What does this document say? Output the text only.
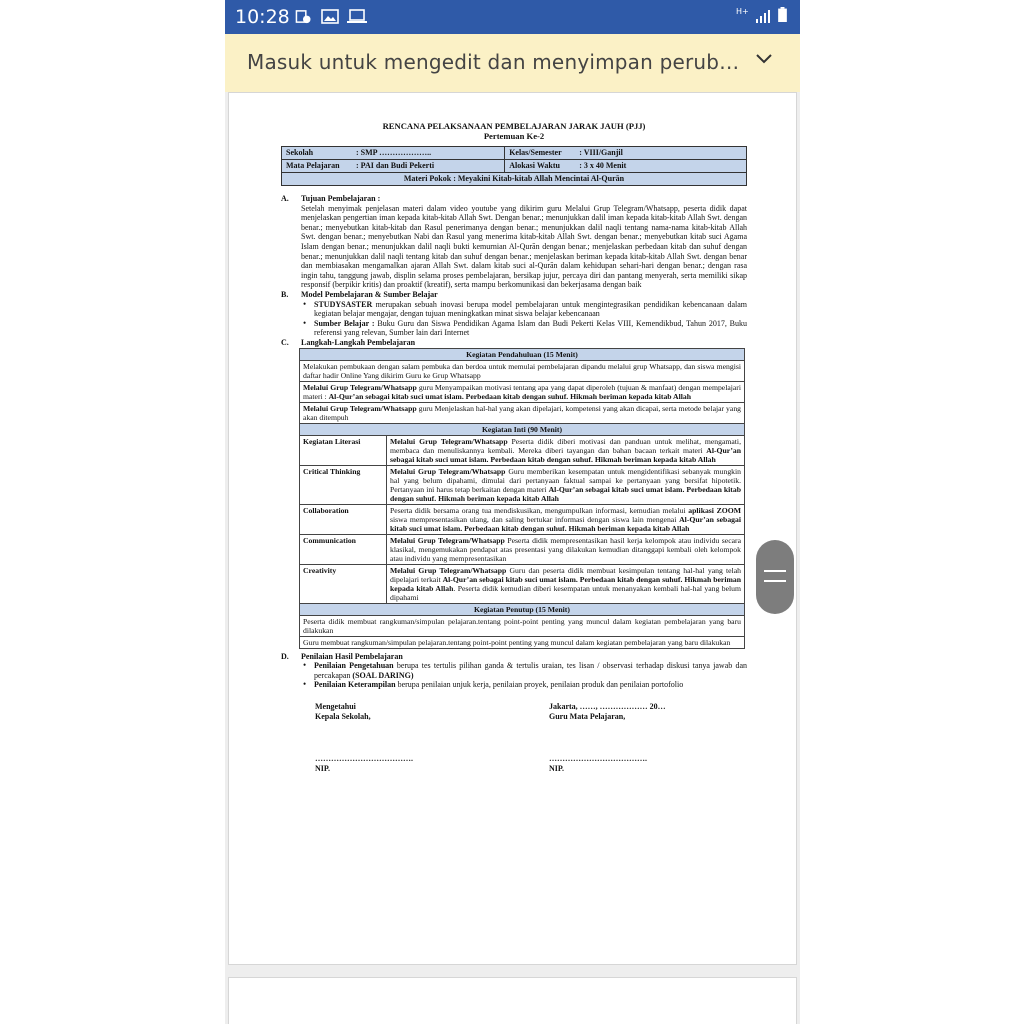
10:28	H+
Masuk untuk mengedit dan menyimpan perub…
RENCANA PELAKSANAAN PEMBELAJARAN JARAK JAUH (PJJ)
Pertemuan Ke-2
Sekolah : SMP ………………..	Kelas/Semester : VIII/Ganjil
Mata Pelajaran : PAI dan Budi Pekerti	Alokasi Waktu : 3 x 40 Menit
Materi Pokok : Meyakini Kitab-kitab Allah Mencintai Al-Qurān	
A. Tujuan Pembelajaran :
Setelah menyimak penjelasan materi dalam video youtube yang dikirim guru Melalui Grup Telegram/Whatsapp, peserta didik dapat menjelaskan pengertian iman kepada kitab-kitab Allah Swt. Dengan benar.; menunjukkan dalil iman kepada kitab-kitab Allah Swt. dengan benar.; menyebutkan kitab-kitab dan Rasul penerimanya dengan benar.; menunjukkan dalil naqli tentang nama-nama kitab-kitab Allah Swt. dengan benar.; menyebutkan Nabi dan Rasul yang menerima kitab-kitab Allah Swt. dengan benar.; menyebutkan kitab suci Agama Islam dengan benar.; menunjukkan dalil naqli bukti kemurnian Al-Qurān dengan benar.; menjelaskan perbedaan kitab dan suhuf dengan benar.; menunjukkan dalil naqli tentang kitab dan suhuf dengan benar.; menjelaskan beriman kepada kitab-kitab Allah Swt. dengan benar dan membiasakan mengamalkan ajaran Allah Swt. dalam kitab suci al-Qurān dalam kehidupan sehari-hari dengan benar.; dengan rasa ingin tahu, tanggung jawab, displin selama proses pembelajaran, bersikap jujur, percaya diri dan pantang menyerah, serta memiliki sikap responsif (berpikir kritis) dan proaktif (kreatif), serta mampu berkomunikasi dan bekerjasama dengan baik
B. Model Pembelajaran & Sumber Belajar
• STUDYSASTER merupakan sebuah inovasi berupa model pembelajaran untuk mengintegrasikan pendidikan kebencanaan dalam kegiatan belajar mengajar, dengan tujuan meningkatkan minat siswa belajar kebencanaan
• Sumber Belajar : Buku Guru dan Siswa Pendidikan Agama Islam dan Budi Pekerti Kelas VIII, Kemendikbud, Tahun 2017, Buku referensi yang relevan, Sumber lain dari Internet
C. Langkah-Langkah Pembelajaran
Kegiatan Pendahuluan (15 Menit)	
Melakukan pembukaan dengan salam pembuka dan berdoa untuk memulai pembelajaran dipandu melalui grup Whatsapp, dan siswa mengisi daftar hadir Online Yang dikirim Guru ke Grup Whatsapp	
Melalui Grup Telegram/Whatsapp guru Menyampaikan motivasi tentang apa yang dapat diperoleh (tujuan & manfaat) dengan mempelajari materi : Al-Qur’an sebagai kitab suci umat islam. Perbedaan kitab dengan suhuf. Hikmah beriman kepada kitab Allah	
Melalui Grup Telegram/Whatsapp guru Menjelaskan hal-hal yang akan dipelajari, kompetensi yang akan dicapai, serta metode belajar yang akan ditempuh	
Kegiatan Inti (90 Menit)	
Kegiatan Literasi	Melalui Grup Telegram/Whatsapp Peserta didik diberi motivasi dan panduan untuk melihat, mengamati, membaca dan menuliskannya kembali. Mereka diberi tayangan dan bahan bacaan terkait materi Al-Qur’an sebagai kitab suci umat islam. Perbedaan kitab dengan suhuf. Hikmah beriman kepada kitab Allah
Critical Thinking	Melalui Grup Telegram/Whatsapp Guru memberikan kesempatan untuk mengidentifikasi sebanyak mungkin hal yang belum dipahami, dimulai dari pertanyaan faktual sampai ke pertanyaan yang bersifat hipotetik. Pertanyaan ini harus tetap berkaitan dengan materi Al-Qur’an sebagai kitab suci umat islam. Perbedaan kitab dengan suhuf. Hikmah beriman kepada kitab Allah
Collaboration	Peserta didik bersama orang tua mendiskusikan, mengumpulkan informasi, kemudian melalui aplikasi ZOOM siswa mempresentasikan ulang, dan saling bertukar informasi dengan siswa lain mengenai Al-Qur’an sebagai kitab suci umat islam. Perbedaan kitab dengan suhuf. Hikmah beriman kepada kitab Allah
Communication	Melalui Grup Telegram/Whatsapp Peserta didik mempresentasikan hasil kerja kelompok atau individu secara klasikal, mengemukakan pendapat atas presentasi yang dilakukan kemudian ditanggapi kembali oleh kelompok atau individu yang mempresentasikan
Creativity	Melalui Grup Telegram/Whatsapp Guru dan peserta didik membuat kesimpulan tentang hal-hal yang telah dipelajari terkait Al-Qur’an sebagai kitab suci umat islam. Perbedaan kitab dengan suhuf. Hikmah beriman kepada kitab Allah. Peserta didik kemudian diberi kesempatan untuk menanyakan kembali hal-hal yang belum dipahami
Kegiatan Penutup (15 Menit)	
Peserta didik membuat rangkuman/simpulan pelajaran.tentang point-point penting yang muncul dalam kegiatan pembelajaran yang baru dilakukan	
Guru membuat rangkuman/simpulan pelajaran.tentang point-point penting yang muncul dalam kegiatan pembelajaran yang baru dilakukan	
D. Penilaian Hasil Pembelajaran
• Penilaian Pengetahuan berupa tes tertulis pilihan ganda & tertulis uraian, tes lisan / observasi terhadap diskusi tanya jawab dan percakapan (SOAL DARING)
• Penilaian Keterampilan berupa penilaian unjuk kerja, penilaian proyek, penilaian produk dan penilaian portofolio
Mengetahui
Kepala Sekolah,
Jakarta, ……, ……………… 20…
Guru Mata Pelajaran,
……………………………….	……………………………….
NIP.	NIP.
